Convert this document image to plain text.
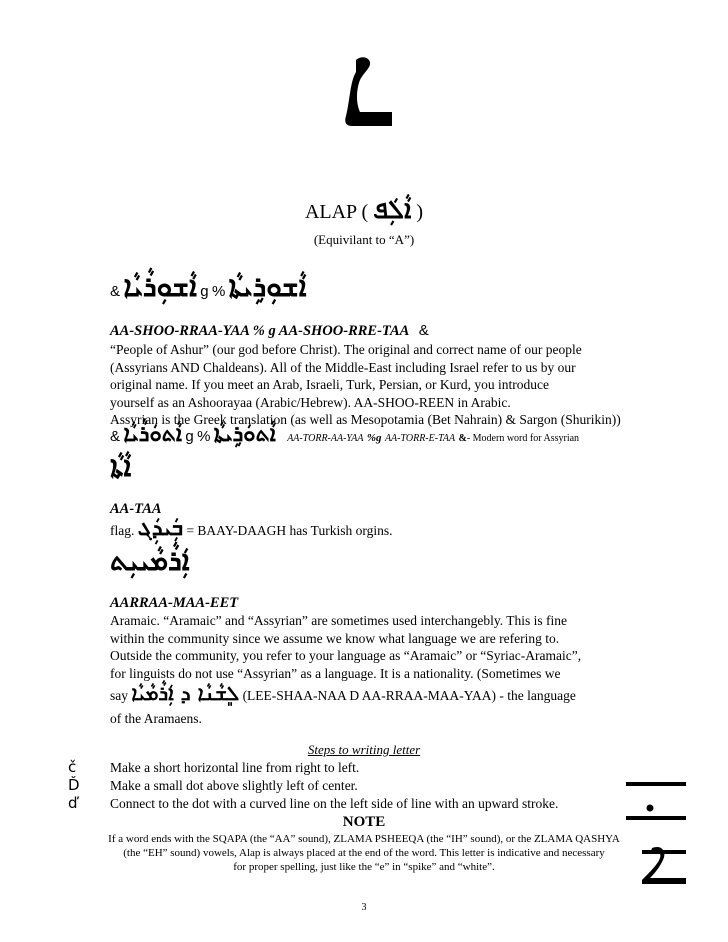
ALAP ( ܐܵܠܲܦ )
(Equivilant to “A”)
& ܐܵܫܘܼܪܵܝܵܐ g % ܐܵܫܘܼܪܹܝܬܵܐ
AA-SHOO-RRAA-YAA % g AA-SHOO-RRE-TAA &
“People of Ashur” (our god before Christ). The original and correct name of our people
(Assyrians AND Chaldeans). All of the Middle-East including Israel refer to us by our
original name. If you meet an Arab, Israeli, Turk, Persian, or Kurd, you introduce
yourself as an Ashoorayaa (Arabic/Hebrew). AA-SHOO-REEN in Arabic.
Assyrian is the Greek translation (as well as Mesopotamia (Bet Nahrain) & Sargon (Shurikin))
& ܐܵܬܘܿܪܵܝܵܐ g % ܐܵܬܘܿܪܹܝܬܵܐ AA-TORR-AA-YAA %g AA-TORR-E-TAA &- Modern word for Assyrian
ܐܵܬܵܐ
AA-TAA
flag. ܒܲܝܕܲܓ = BAAY-DAAGH has Turkish orgins.
ܐܲܪܵܡܵܝܝܼܬ
AARRAA-MAA-EET
Aramaic. “Aramaic” and “Assyrian” are sometimes used interchangebly. This is fine
within the community since we assume we know what language we are refering to.
Outside the community, you refer to your language as “Aramaic” or “Syriac-Aramaic”,
for linguists do not use “Assyrian” as a language. It is a nationality. (Sometimes we
say ܠܸܫܵܢܵܐ ܕ ܐܲܪܵܡܵܝܵܐ (LEE-SHAA-NAA D AA-RRAA-MAA-YAA) - the language
of the Aramaens.
Steps to writing letter
č	Make a short horizontal line from right to left.
Ď Make a small dot above slightly left of center.
ď Connect to the dot with a curved line on the left side of line with an upward stroke.
NOTE
If a word ends with the SQAPA (the “AA” sound), ZLAMA PSHEEQA (the “IH” sound), or the ZLAMA QASHYA
(the “EH” sound) vowels, Alap is always placed at the end of the word. This letter is indicative and necessary
for proper spelling, just like the “e” in “spike” and “white”.
3
